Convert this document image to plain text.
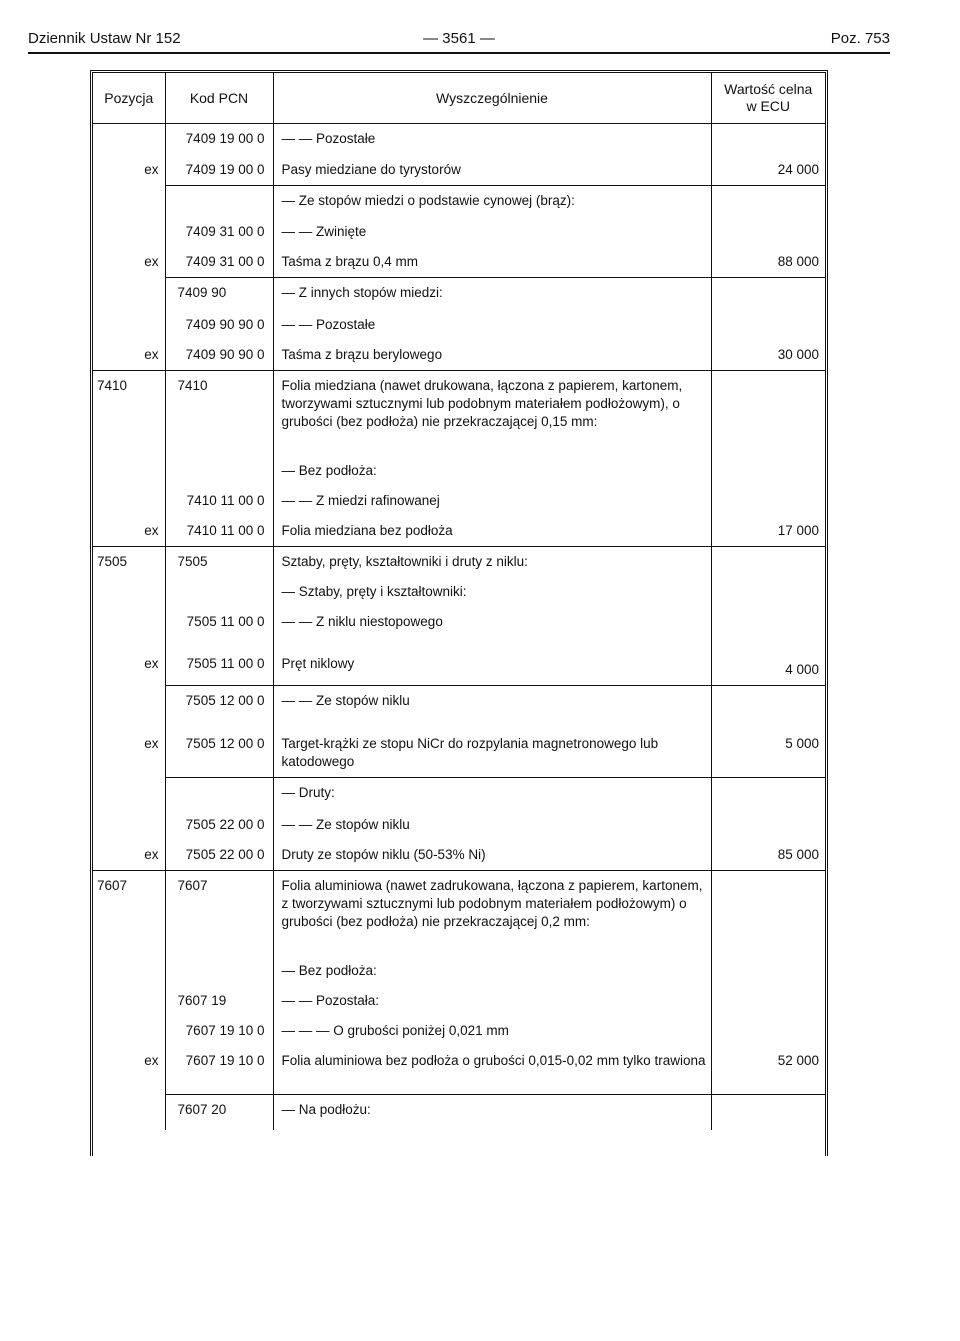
Dziennik Ustaw Nr 152	— 3561 —	Poz. 753
Pozycja	Kod PCN	Wyszczególnienie	Wartość celna
w ECU
	7409 19 00 0	— — Pozostałe	
ex	7409 19 00 0	Pasy miedziane do tyrystorów	24 000
		— Ze stopów miedzi o podstawie cynowej (brąz):	
	7409 31 00 0	— — Zwinięte	
ex	7409 31 00 0	Taśma z brązu 0,4 mm	88 000
	7409 90	— Z innych stopów miedzi:	
	7409 90 90 0	— — Pozostałe	
ex	7409 90 90 0	Taśma z brązu berylowego	30 000
7410	7410	Folia miedziana (nawet drukowana, łączona z papierem, kartonem, tworzywami sztucznymi lub podobnym materiałem podłożowym), o grubości (bez podłoża) nie przekraczającej 0,15 mm:	
		— Bez podłoża:	
	7410 11 00 0	— — Z miedzi rafinowanej	
ex	7410 11 00 0	Folia miedziana bez podłoża	17 000
7505	7505	Sztaby, pręty, kształtowniki i druty z niklu:	
		— Sztaby, pręty i kształtowniki:	
	7505 11 00 0	— — Z niklu niestopowego	
ex	7505 11 00 0	Pręt niklowy	4 000
	7505 12 00 0	— — Ze stopów niklu	
ex	7505 12 00 0	Target-krążki ze stopu NiCr do rozpylania magnetronowego lub katodowego	5 000
		— Druty:	
	7505 22 00 0	— — Ze stopów niklu	
ex	7505 22 00 0	Druty ze stopów niklu (50-53% Ni)	85 000
7607	7607	Folia aluminiowa (nawet zadrukowana, łączona z papierem, kartonem, z tworzywami sztucznymi lub podobnym materiałem podłożowym) o grubości (bez podłoża) nie przekraczającej 0,2 mm:	
		— Bez podłoża:	
	7607 19	— — Pozostała:	
	7607 19 10 0	— — — O grubości poniżej 0,021 mm	
ex	7607 19 10 0	Folia aluminiowa bez podłoża o grubości 0,015-0,02 mm tylko trawiona	52 000
	7607 20	— Na podłożu:	
